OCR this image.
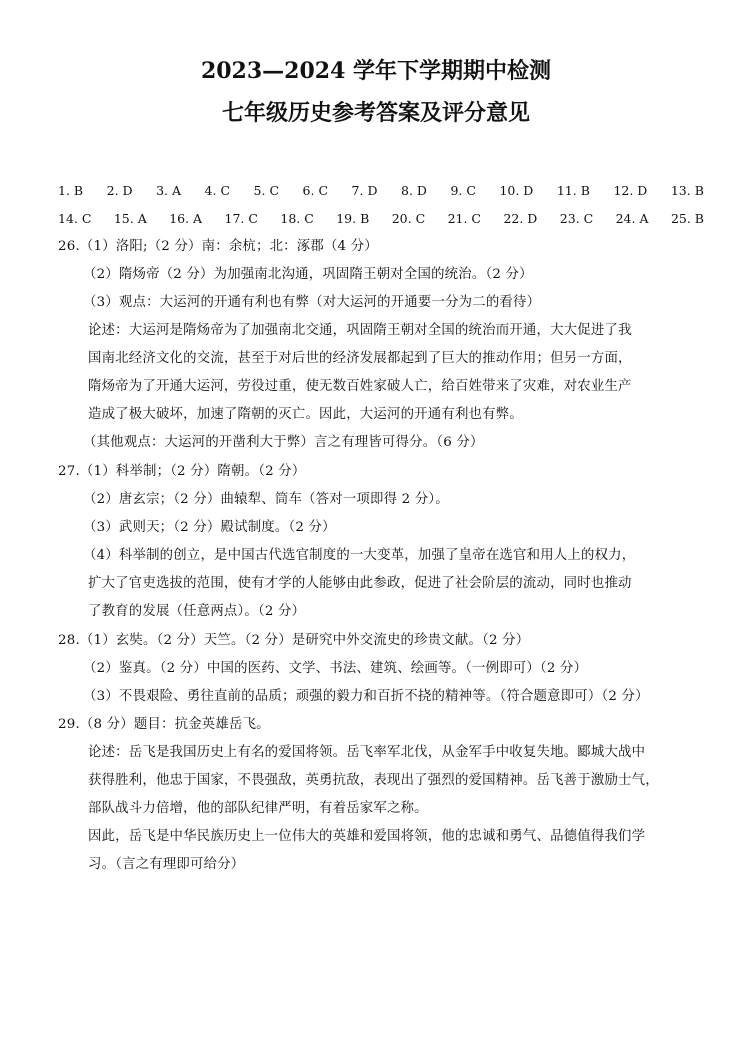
2023—2024 学年下学期期中检测
七年级历史参考答案及评分意见
1. B 2. D 3. A 4. C 5. C 6. C 7. D 8. D 9. C 10. D 11. B 12. D 13. B
14. C 15. A 16. A 17. C 18. C 19. B 20. C 21. C 22. D 23. C 24. A 25. B
26.（1）洛阳;（2 分）南：余杭；北：涿郡（4 分）
（2）隋炀帝（2 分）为加强南北沟通，巩固隋王朝对全国的统治。（2 分）
（3）观点：大运河的开通有利也有弊（对大运河的开通要一分为二的看待）
论述：大运河是隋炀帝为了加强南北交通，巩固隋王朝对全国的统治而开通，大大促进了我
国南北经济文化的交流，甚至于对后世的经济发展都起到了巨大的推动作用；但另一方面，
隋炀帝为了开通大运河，劳役过重，使无数百姓家破人亡，给百姓带来了灾难，对农业生产
造成了极大破坏，加速了隋朝的灭亡。因此，大运河的开通有利也有弊。
（其他观点：大运河的开凿利大于弊）言之有理皆可得分。（6 分）
27.（1）科举制；（2 分）隋朝。（2 分）
（2）唐玄宗；（2 分）曲辕犁、筒车（答对一项即得 2 分）。
（3）武则天；（2 分）殿试制度。（2 分）
（4）科举制的创立，是中国古代选官制度的一大变革，加强了皇帝在选官和用人上的权力，
扩大了官吏选拔的范围，使有才学的人能够由此参政，促进了社会阶层的流动，同时也推动
了教育的发展（任意两点）。（2 分）
28.（1）玄奘。（2 分）天竺。（2 分）是研究中外交流史的珍贵文献。（2 分）
（2）鉴真。（2 分）中国的医药、文学、书法、建筑、绘画等。（一例即可）（2 分）
（3）不畏艰险、勇往直前的品质；顽强的毅力和百折不挠的精神等。（符合题意即可）（2 分）
29.（8 分）题目：抗金英雄岳飞。
论述：岳飞是我国历史上有名的爱国将领。岳飞率军北伐，从金军手中收复失地。郾城大战中
获得胜利，他忠于国家，不畏强敌，英勇抗敌，表现出了强烈的爱国精神。岳飞善于激励士气，
部队战斗力倍增，他的部队纪律严明，有着岳家军之称。
因此，岳飞是中华民族历史上一位伟大的英雄和爱国将领，他的忠诚和勇气、品德值得我们学
习。（言之有理即可给分）
